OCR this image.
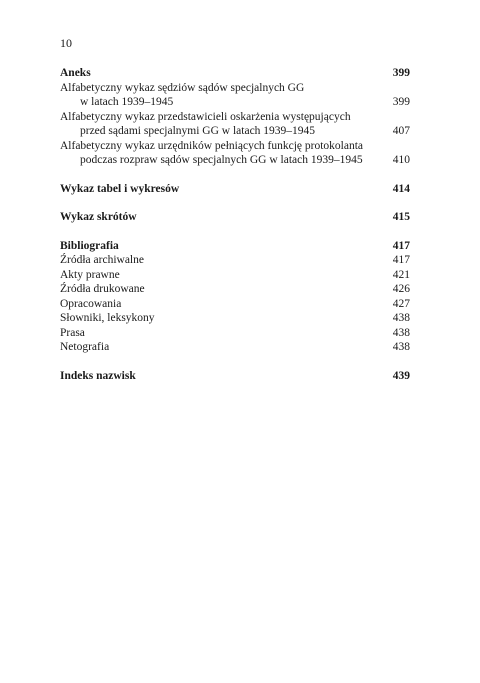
10
Aneks	399
Alfabetyczny wykaz sędziów sądów specjalnych GG
w latach 1939–1945	399
Alfabetyczny wykaz przedstawicieli oskarżenia występujących
przed sądami specjalnymi GG w latach 1939–1945	407
Alfabetyczny wykaz urzędników pełniących funkcję protokolanta
podczas rozpraw sądów specjalnych GG w latach 1939–1945	410
Wykaz tabel i wykresów	414
Wykaz skrótów	415
Bibliografia	417
Źródła archiwalne	417
Akty prawne	421
Źródła drukowane	426
Opracowania	427
Słowniki, leksykony	438
Prasa	438
Netografia	438
Indeks nazwisk	439
